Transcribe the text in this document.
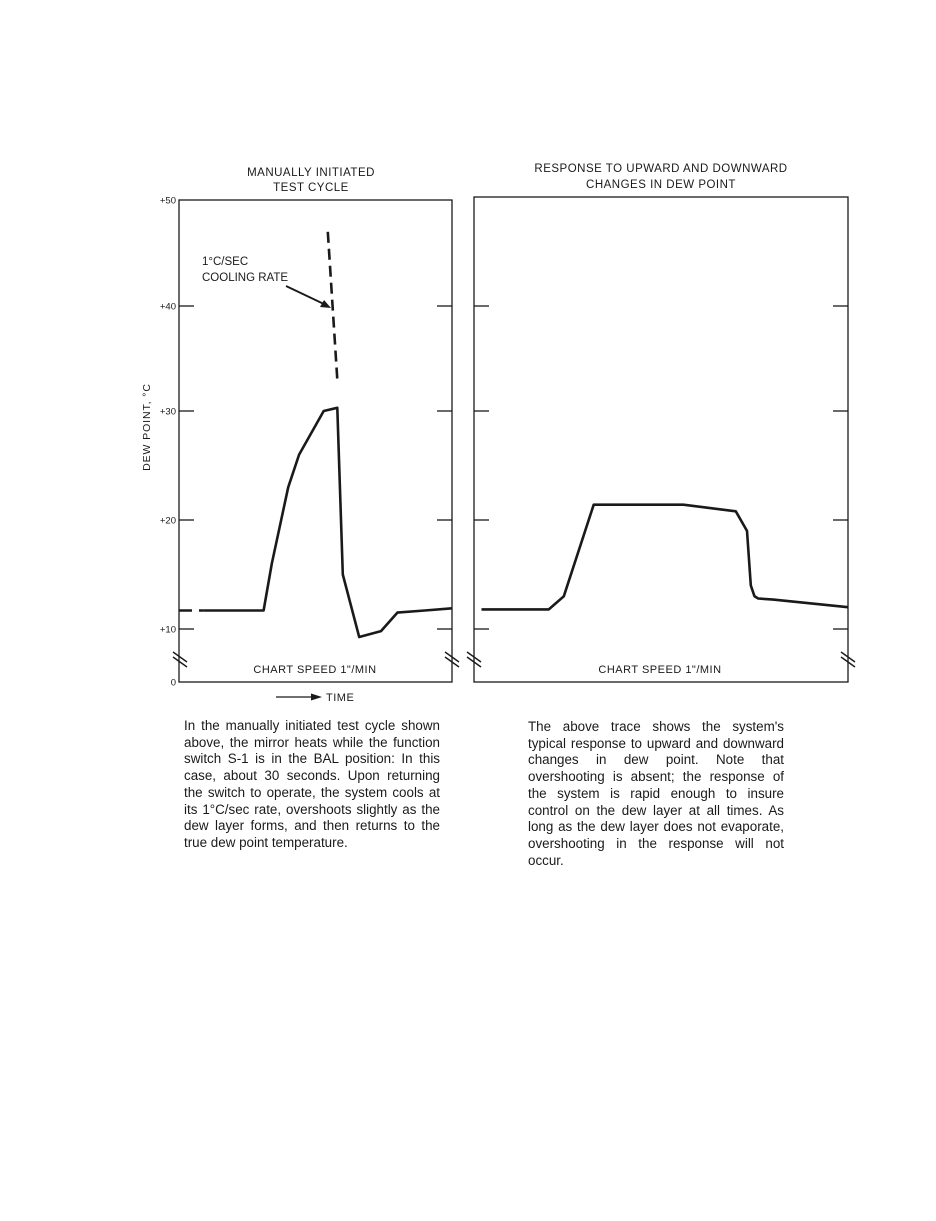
MANUALLY INITIATED
TEST CYCLE
+50
+40
+30
+20
+10
0
DEW POINT, °C
1°C/SEC
COOLING RATE
CHART SPEED 1"/MIN
TIME
RESPONSE TO UPWARD AND DOWNWARD
CHANGES IN DEW POINT
CHART SPEED 1"/MIN
In the manually initiated test cycle shown above, the mirror heats while the function switch S-1 is in the BAL position: In this case, about 30 seconds. Upon returning the switch to operate, the system cools at its 1°C/sec rate, overshoots slightly as the dew layer forms, and then returns to the true dew point temperature.
The above trace shows the system's typical response to upward and downward changes in dew point. Note that overshooting is absent; the response of the system is rapid enough to insure control on the dew layer at all times. As long as the dew layer does not evaporate, overshooting in the response will not occur.
